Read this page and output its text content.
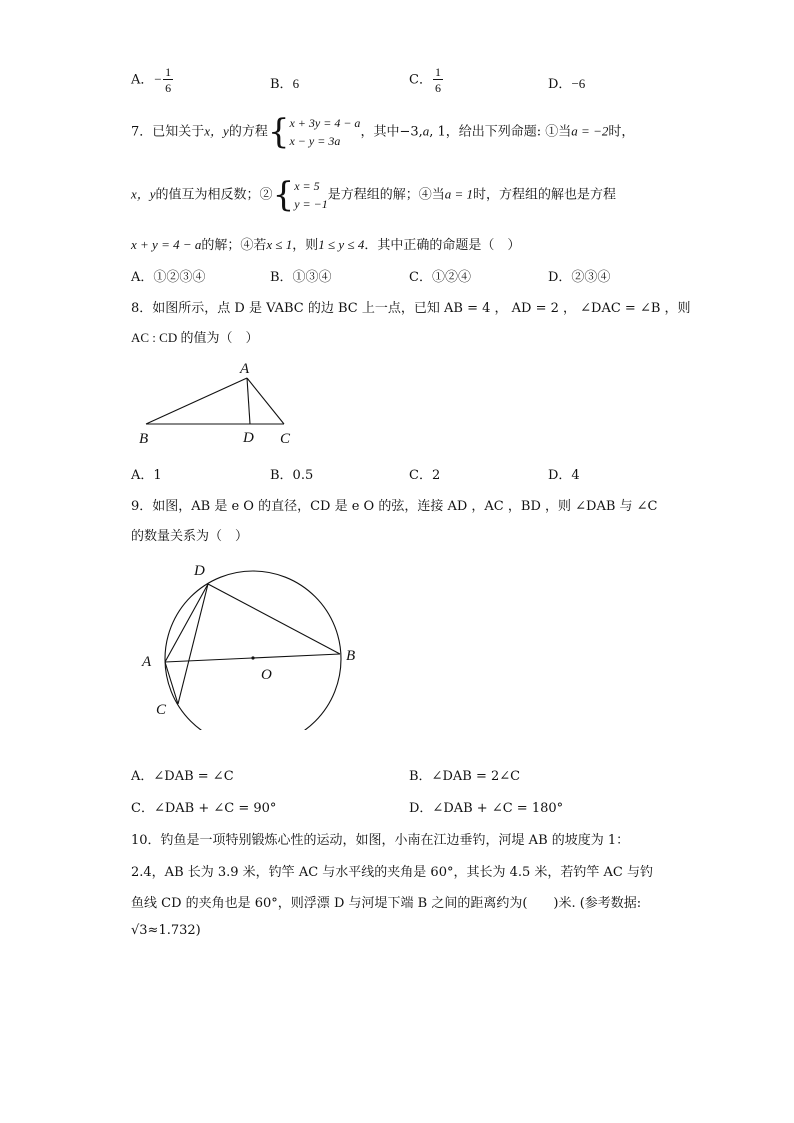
A．− $\frac{1}{6}$	B．6	C． $\frac{1}{6}$	D．−6
7．已知关于x，y的方程{ x + 3y = 4 − a
x − y = 3a
，其中−3,a, 1，给出下列命题: ①当a = −2时，
x，y的值互为相反数；②{ x = 5
y = −1
是方程组的解；④当a = 1时，方程组的解也是方程
x + y = 4 − a的解；④若x ≤ 1，则1 ≤ y ≤ 4．其中正确的命题是（　）
A．①②③④	B．①③④	C．①②④	D．②③④
8．如图所示，点 D 是 VABC 的边 BC 上一点，已知 AB = 4 ， AD = 2 ， ∠DAC = ∠B ，则
AC : CD 的值为（　）
A
B	D C
A．1	B．0.5	C．2	D．4
9．如图，AB 是 e O 的直径，CD 是 e O 的弦，连接 AD ，AC ，BD ，则 ∠DAB 与 ∠C
的数量关系为（　）
D
A	B
O
C
A．∠DAB = ∠C	B．∠DAB = 2∠C
C．∠DAB + ∠C = 90°	D．∠DAB + ∠C = 180°
10．钓鱼是一项特别锻炼心性的运动，如图，小南在江边垂钓，河堤 AB 的坡度为 1：
2.4，AB 长为 3.9 米，钓竿 AC 与水平线的夹角是 60°，其长为 4.5 米，若钓竿 AC 与钓
鱼线 CD 的夹角也是 60°，则浮漂 D 与河堤下端 B 之间的距离约为(　　)米. (参考数据:
√3≈1.732)
